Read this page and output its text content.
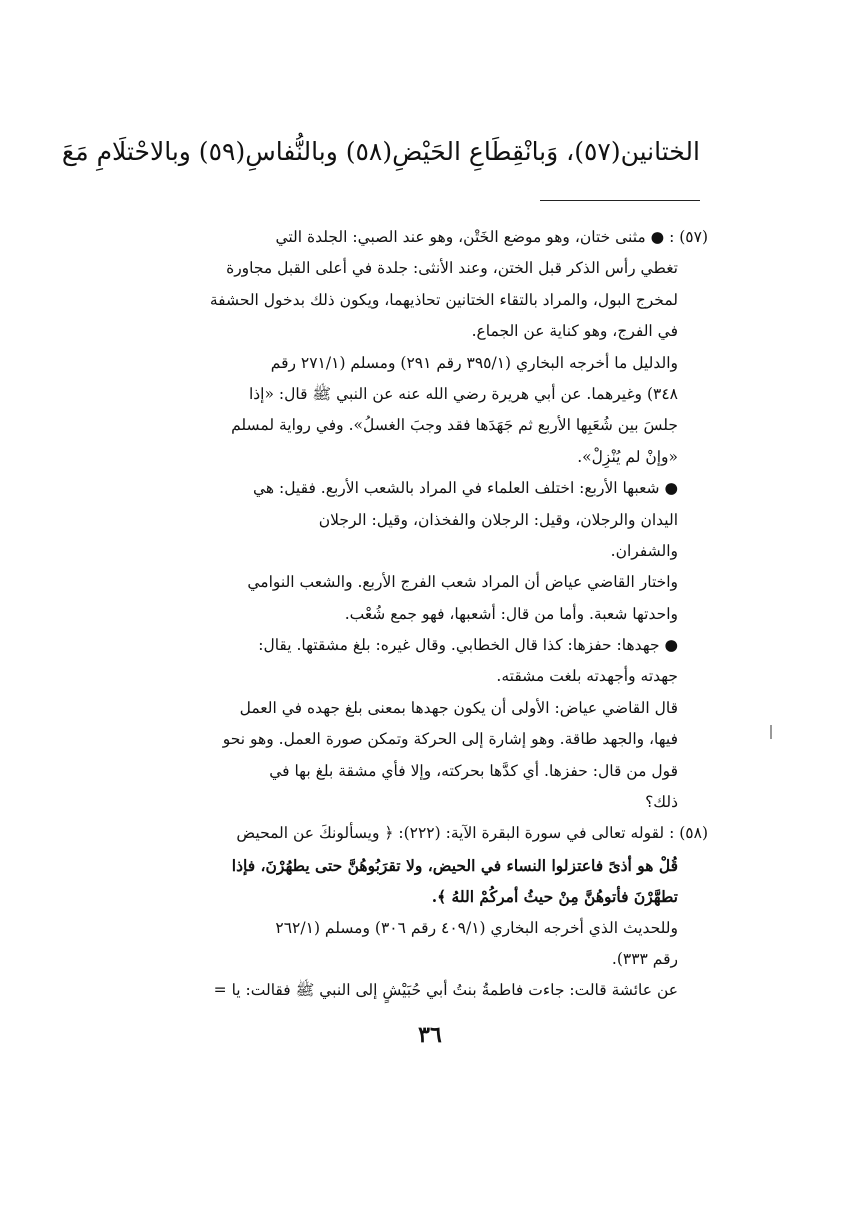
الختانين(٥٧)، وَبانْقِطَاعِ الحَيْضِ(٥٨) وبالنُّفاسِ(٥٩) وبالاحْتلَامِ مَعَ
(٥٧) : ● مثنى ختان، وهو موضع الخَتْن، وهو عند الصبي: الجلدة التي
تغطي رأس الذكر قبل الختن، وعند الأنثى: جلدة في أعلى القبل مجاورة
لمخرج البول، والمراد بالتقاء الختانين تحاذيهما، ويكون ذلك بدخول الحشفة
في الفرج، وهو كناية عن الجماع.
والدليل ما أخرجه البخاري (٣٩٥/١ رقم ٢٩١) ومسلم (٢٧١/١ رقم
٣٤٨) وغيرهما. عن أبي هريرة رضي الله عنه عن النبي ﷺ قال: «إذا
جلسَ بين شُعَبِها الأربع ثم جَهَدَها فقد وجبَ الغسلُ». وفي رواية لمسلم
«وإنْ لم يُنْزِلْ».
● شعبها الأربع: اختلف العلماء في المراد بالشعب الأربع. فقيل: هي
اليدان والرجلان، وقيل: الرجلان والفخذان، وقيل: الرجلان
والشفران.
واختار القاضي عياض أن المراد شعب الفرج الأربع. والشعب النوامي
واحدتها شعبة. وأما من قال: أشعبها، فهو جمع شُعْب.
● جهدها: حفزها: كذا قال الخطابي. وقال غيره: بلغ مشقتها. يقال:
جهدته وأجهدته بلغت مشقته.
قال القاضي عياض: الأولى أن يكون جهدها بمعنى بلغ جهده في العمل
فيها، والجهد طاقة. وهو إشارة إلى الحركة وتمكن صورة العمل. وهو نحو
قول من قال: حفزها. أي كدَّها بحركته، وإلا فأي مشقة بلغ بها في
ذلك؟
(٥٨) : لقوله تعالى في سورة البقرة الآية: (٢٢٢): ﴿ ويسألونكَ عن المحيض
قُلْ هو أذىً فاعتزلوا النساء في الحيض، ولا تقرَبُوهُنَّ حتى يطهُرْنَ، فإذا
تطهَّرْنَ فأتوهُنَّ مِنْ حيثُ أمركُمْ اللهُ ﴾.
وللحديث الذي أخرجه البخاري (٤٠٩/١ رقم ٣٠٦) ومسلم (٢٦٢/١
رقم ٣٣٣).
عن عائشة قالت: جاءت فاطمةُ بنتُ أبي حُبَيْشٍ إلى النبي ﷺ فقالت: يا =
٣٦
